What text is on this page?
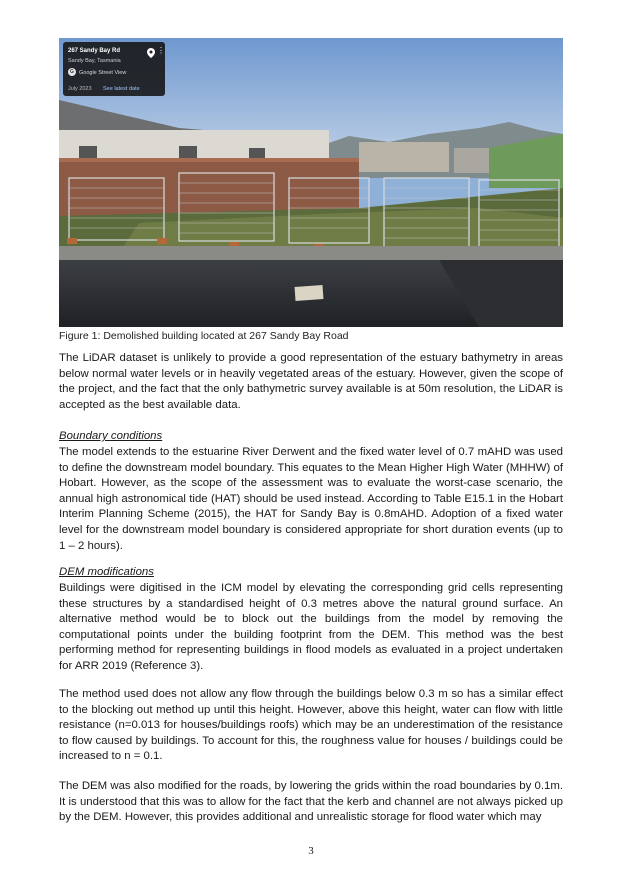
267 Sandy Bay Rd
Sandy Bay, Tasmania
G Google Street View
July 2023 See latest date
⋮
Figure 1: Demolished building located at 267 Sandy Bay Road

The LiDAR dataset is unlikely to provide a good representation of the estuary bathymetry in areas below normal water levels or in heavily vegetated areas of the estuary. However, given the scope of the project, and the fact that the only bathymetric survey available is at 50m resolution, the LiDAR is accepted as the best available data.

Boundary conditions

The model extends to the estuarine River Derwent and the fixed water level of 0.7 mAHD was used to define the downstream model boundary. This equates to the Mean Higher High Water (MHHW) of Hobart. However, as the scope of the assessment was to evaluate the worst-case scenario, the annual high astronomical tide (HAT) should be used instead. According to Table E15.1 in the Hobart Interim Planning Scheme (2015), the HAT for Sandy Bay is 0.8mAHD. Adoption of a fixed water level for the downstream model boundary is considered appropriate for short duration events (up to 1 – 2 hours).

DEM modifications

Buildings were digitised in the ICM model by elevating the corresponding grid cells representing these structures by a standardised height of 0.3 metres above the natural ground surface. An alternative method would be to block out the buildings from the model by removing the computational points under the building footprint from the DEM. This method was the best performing method for representing buildings in flood models as evaluated in a project undertaken for ARR 2019 (Reference 3).

The method used does not allow any flow through the buildings below 0.3 m so has a similar effect to the blocking out method up until this height. However, above this height, water can flow with little resistance (n=0.013 for houses/buildings roofs) which may be an underestimation of the resistance to flow caused by buildings. To account for this, the roughness value for houses / buildings could be increased to n = 0.1.

The DEM was also modified for the roads, by lowering the grids within the road boundaries by 0.1m. It is understood that this was to allow for the fact that the kerb and channel are not always picked up by the DEM. However, this provides additional and unrealistic storage for flood water which may

3
